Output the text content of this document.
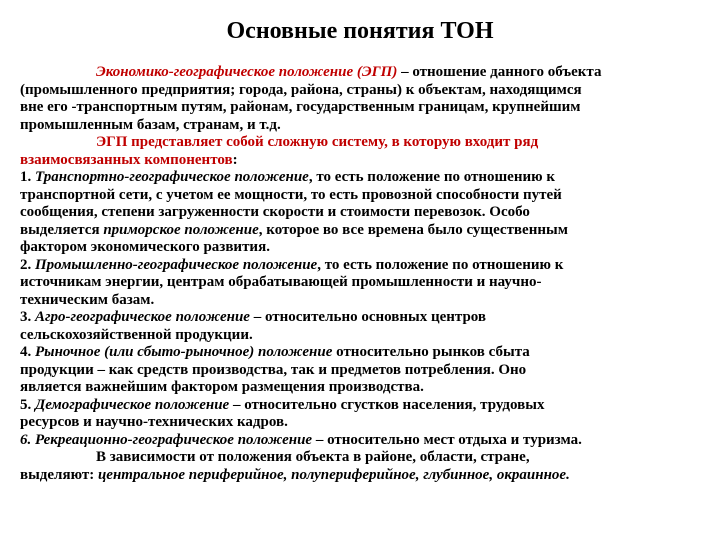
Основные понятия ТОН

Экономико-географическое положение (ЭГП) – отношение данного объекта

(промышленного предприятия; города, района, страны) к объектам, находящимся

вне его -транспортным путям, районам, государственным границам, крупнейшим

промышленным базам, странам, и т.д.

ЭГП представляет собой сложную систему, в которую входит ряд

взаимосвязанных компонентов:

1. Транспортно-географическое положение, то есть положение по отношению к

транспортной сети, с учетом ее мощности, то есть провозной способности путей

сообщения, степени загруженности скорости и стоимости перевозок. Особо

выделяется приморское положение, которое во все времена было существенным

фактором экономического развития.

2. Промышленно-географическое положение, то есть положение по отношению к

источникам энергии, центрам обрабатывающей промышленности и научно-

техническим базам.

3. Агро-географическое положение – относительно основных центров

сельскохозяйственной продукции.

4. Рыночное (или сбыто-рыночное) положение относительно рынков сбыта

продукции – как средств производства, так и предметов потребления. Оно

является важнейшим фактором размещения производства.

5. Демографическое положение – относительно сгустков населения, трудовых

ресурсов и научно-технических кадров.

6. Рекреационно-географическое положение – относительно мест отдыха и туризма.

В зависимости от положения объекта в районе, области, стране,

выделяют: центральное периферийное, полупериферийное, глубинное, окраинное.
